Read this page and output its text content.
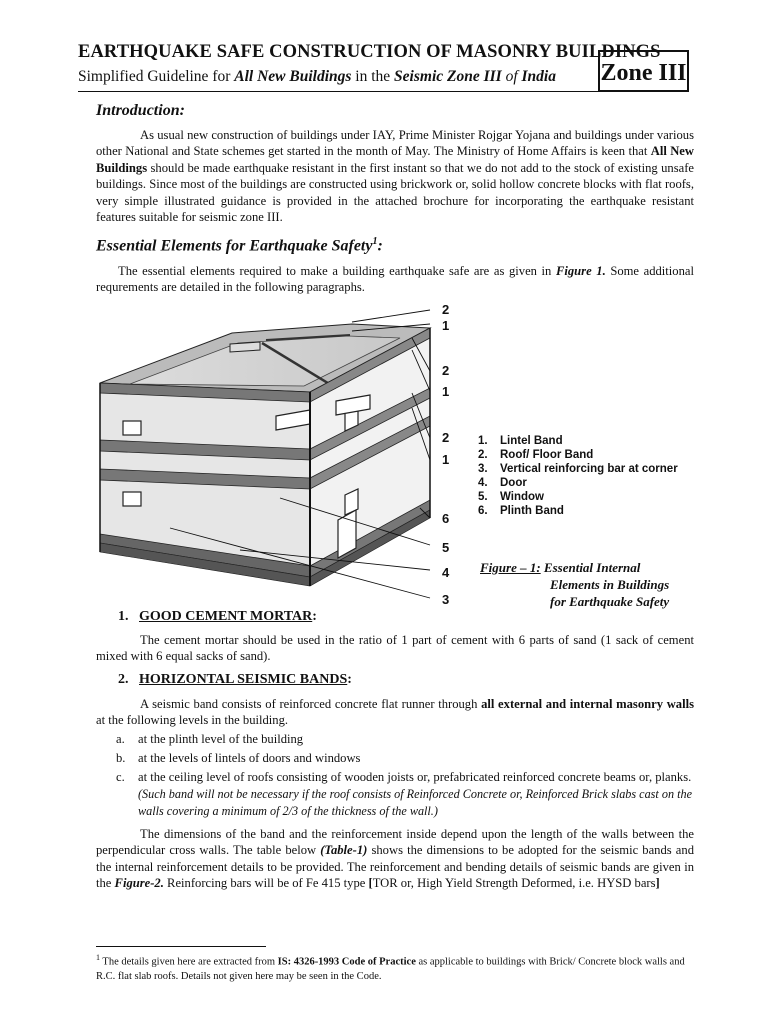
EARTHQUAKE SAFE CONSTRUCTION OF MASONRY BUILDINGS
Simplified Guideline for All New Buildings in the Seismic Zone III of India Zone III
Introduction:
As usual new construction of buildings under IAY, Prime Minister Rojgar Yojana and buildings under various other National and State schemes get started in the month of May. The Ministry of Home Affairs is keen that All New Buildings should be made earthquake resistant in the first instant so that we do not add to the stock of existing unsafe buildings. Since most of the buildings are constructed using brickwork or, solid hollow concrete blocks with flat roofs, very simple illustrated guidance is provided in the attached brochure for incorporating the earthquake resistant features suitable for seismic zone III.
Essential Elements for Earthquake Safety$^1$:
The essential elements required to make a building earthquake safe are as given in Figure 1. Some additional requrements are detailed in the following paragraphs.
2
1
2
1
2
1
6
5
4
3
1. Lintel Band
2. Roof/ Floor Band
3. Vertical reinforcing bar at corner
4. Door
5. Window
6. Plinth Band
Figure – 1: Essential Internal
Elements in Buildings
for Earthquake Safety
1. GOOD CEMENT MORTAR:
The cement mortar should be used in the ratio of 1 part of cement with 6 parts of sand (1 sack of cement mixed with 6 equal sacks of sand).
2. HORIZONTAL SEISMIC BANDS:
A seismic band consists of reinforced concrete flat runner through all external and internal masonry walls at the following levels in the building.
a. at the plinth level of the building
b. at the levels of lintels of doors and windows
c. at the ceiling level of roofs consisting of wooden joists or, prefabricated reinforced concrete beams or, planks. (Such band will not be necessary if the roof consists of Reinforced Concrete or, Reinforced Brick slabs cast on the walls covering a minimum of 2/3 of the thickness of the wall.)
The dimensions of the band and the reinforcement inside depend upon the length of the walls between the perpendicular cross walls. The table below (Table-1) shows the dimensions to be adopted for the seismic bands and the internal reinforcement details to be provided. The reinforcement and bending details of seismic bands are given in the Figure-2. Reinforcing bars will be of Fe 415 type [TOR or, High Yield Strength Deformed, i.e. HYSD bars]
$^1$ The details given here are extracted from IS: 4326-1993 Code of Practice as applicable to buildings with Brick/ Concrete block walls and R.C. flat slab roofs. Details not given here may be seen in the Code.
